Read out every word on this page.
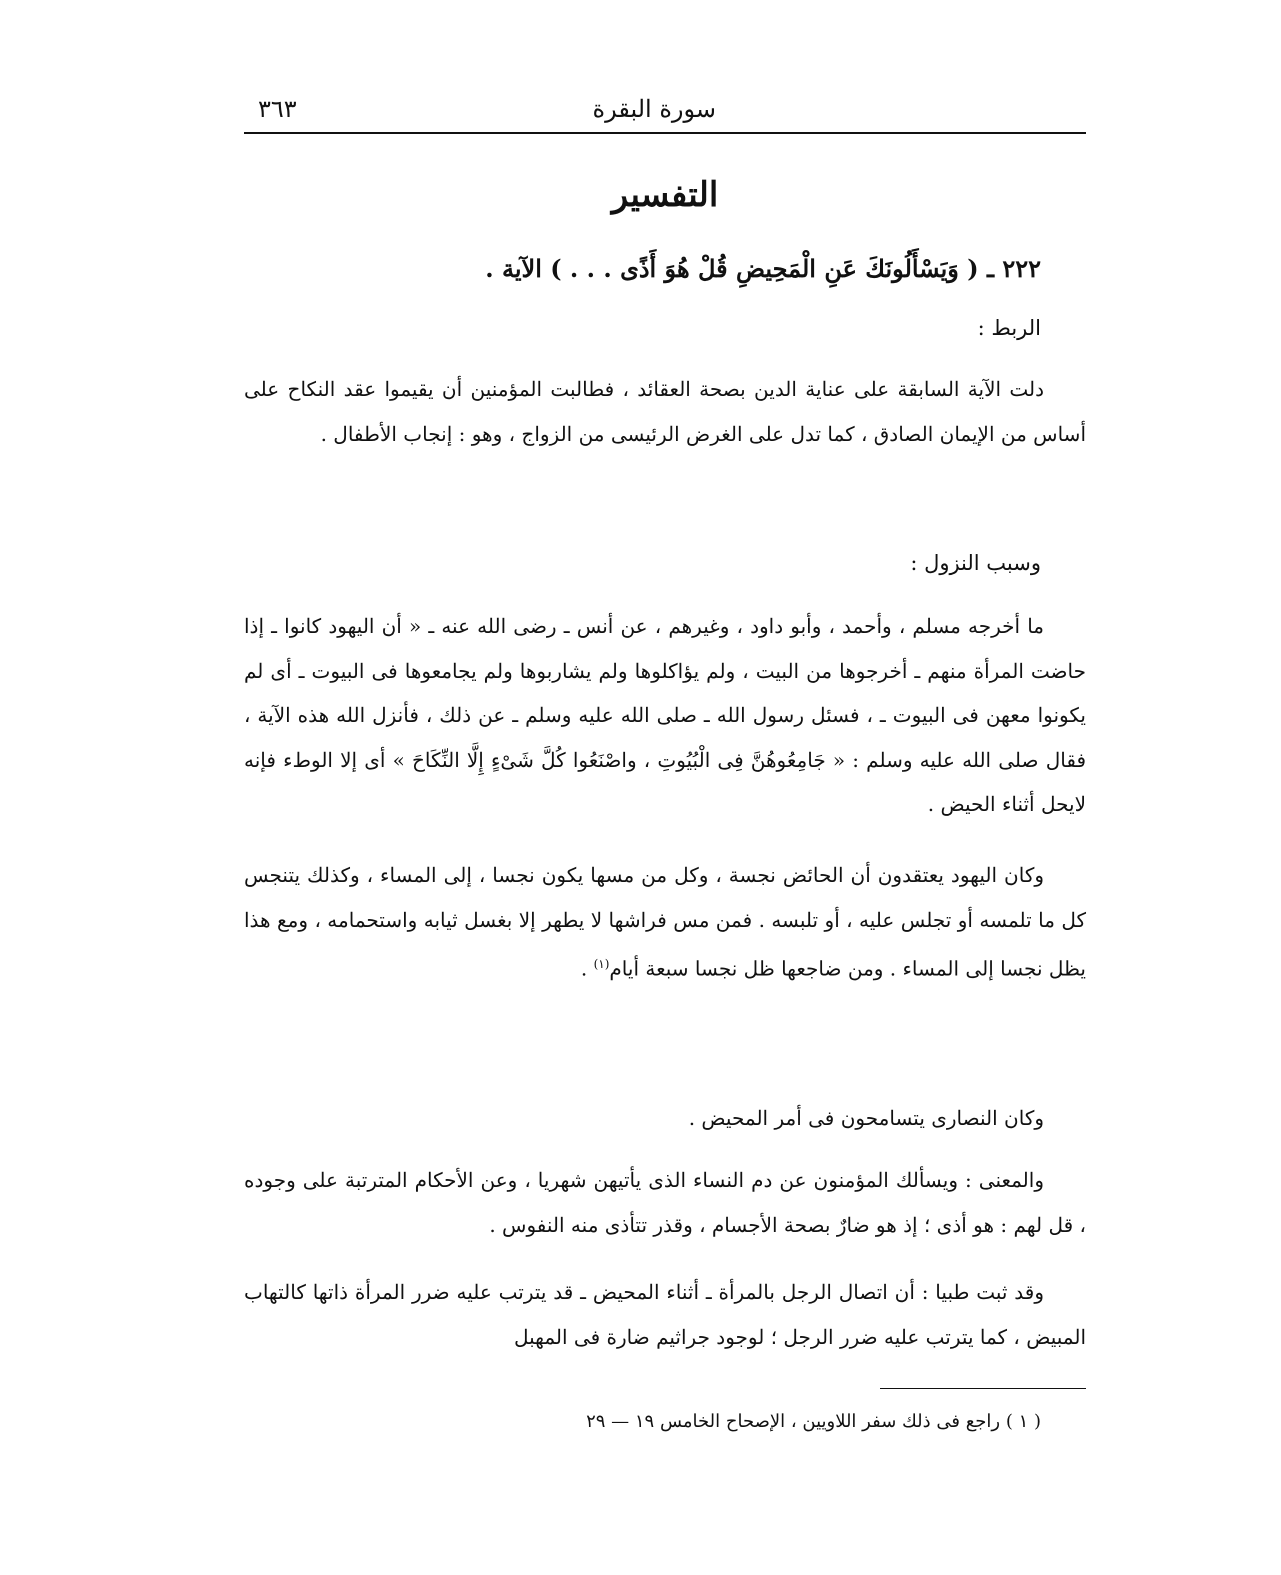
سورة البقرة
٣٦٣
التفسير
٢٢٢ ـ ( وَيَسْأَلُونَكَ عَنِ الْمَحِيضِ قُلْ هُوَ أَذًى . . . ) الآية .
الربط :

دلت الآية السابقة على عناية الدين بصحة العقائد ، فطالبت المؤمنين أن يقيموا عقد النكاح على أساس من الإيمان الصادق ، كما تدل على الغرض الرئيسى من الزواج ، وهو : إنجاب الأطفال .

وسبب النزول :

ما أخرجه مسلم ، وأحمد ، وأبو داود ، وغيرهم ، عن أنس ـ رضى الله عنه ـ « أن اليهود كانوا ـ إذا حاضت المرأة منهم ـ أخرجوها من البيت ، ولم يؤاكلوها ولم يشاربوها ولم يجامعوها فى البيوت ـ أى لم يكونوا معهن فى البيوت ـ ، فسئل رسول الله ـ صلى الله عليه وسلم ـ عن ذلك ، فأنزل الله هذه الآية ، فقال صلى الله عليه وسلم : « جَامِعُوهُنَّ فِى الْبُيُوتِ ، واصْنَعُوا كُلَّ شَىْءٍ إِلَّا النِّكَاحَ » أى إلا الوطء فإنه لايحل أثناء الحيض .

وكان اليهود يعتقدون أن الحائض نجسة ، وكل من مسها يكون نجسا ، إلى المساء ، وكذلك يتنجس كل ما تلمسه أو تجلس عليه ، أو تلبسه . فمن مس فراشها لا يطهر إلا بغسل ثيابه واستحمامه ، ومع هذا يظل نجسا إلى المساء . ومن ضاجعها ظل نجسا سبعة أيام$^{(١)}$ .

وكان النصارى يتسامحون فى أمر المحيض .

والمعنى : ويسألك المؤمنون عن دم النساء الذى يأتيهن شهريا ، وعن الأحكام المترتبة على وجوده ، قل لهم : هو أذى ؛ إذ هو ضارٌ بصحة الأجسام ، وقذر تتأذى منه النفوس .

وقد ثبت طبيا : أن اتصال الرجل بالمرأة ـ أثناء المحيض ـ قد يترتب عليه ضرر المرأة ذاتها كالتهاب المبيض ، كما يترتب عليه ضرر الرجل ؛ لوجود جراثيم ضارة فى المهبل

( ١ ) راجع فى ذلك سفر اللاويين ، الإصحاح الخامس ١٩ — ٢٩
